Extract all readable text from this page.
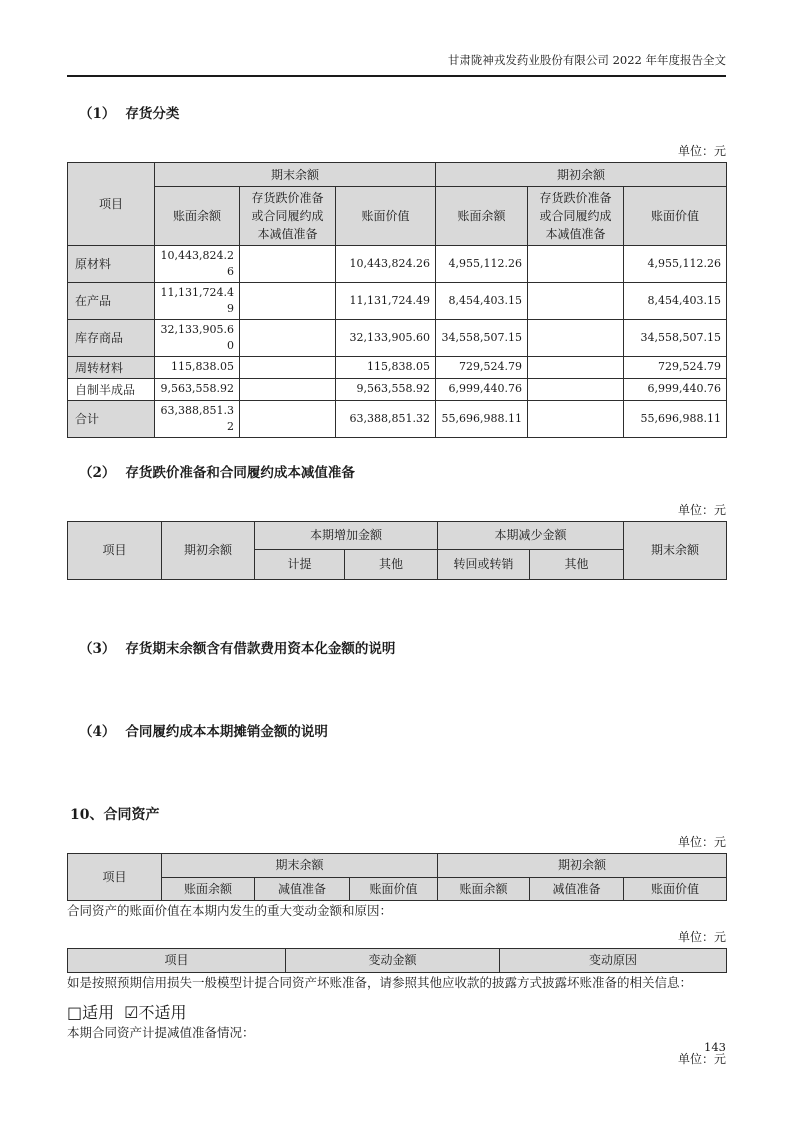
甘肃陇神戎发药业股份有限公司 2022 年年度报告全文
（1） 存货分类
单位：元
项目	期末余额			期初余额		
	账面余额	存货跌价准备或合同履约成本减值准备	账面价值	账面余额	存货跌价准备或合同履约成本减值准备	账面价值
原材料	10,443,824.26		10,443,824.26	4,955,112.26		4,955,112.26
在产品	11,131,724.49		11,131,724.49	8,454,403.15		8,454,403.15
库存商品	32,133,905.60		32,133,905.60	34,558,507.15		34,558,507.15
周转材料	115,838.05		115,838.05	729,524.79		729,524.79
自制半成品	9,563,558.92		9,563,558.92	6,999,440.76		6,999,440.76
合计	63,388,851.32		63,388,851.32	55,696,988.11		55,696,988.11
（2） 存货跌价准备和合同履约成本减值准备
单位：元
项目	期初余额	本期增加金额		本期减少金额		期末余额
		计提	其他	转回或转销	其他	
（3） 存货期末余额含有借款费用资本化金额的说明
（4） 合同履约成本本期摊销金额的说明
10、 合同资产
单位：元
项目	期末余额			期初余额		
	账面余额	减值准备	账面价值	账面余额	减值准备	账面价值

合同资产的账面价值在本期内发生的重大变动金额和原因：

单位：元
项目	变动金额	变动原因

如是按照预期信用损失一般模型计提合同资产坏账准备，请参照其他应收款的披露方式披露坏账准备的相关信息：

□适用 ☑不适用

本期合同资产计提减值准备情况：

单位：元
143
